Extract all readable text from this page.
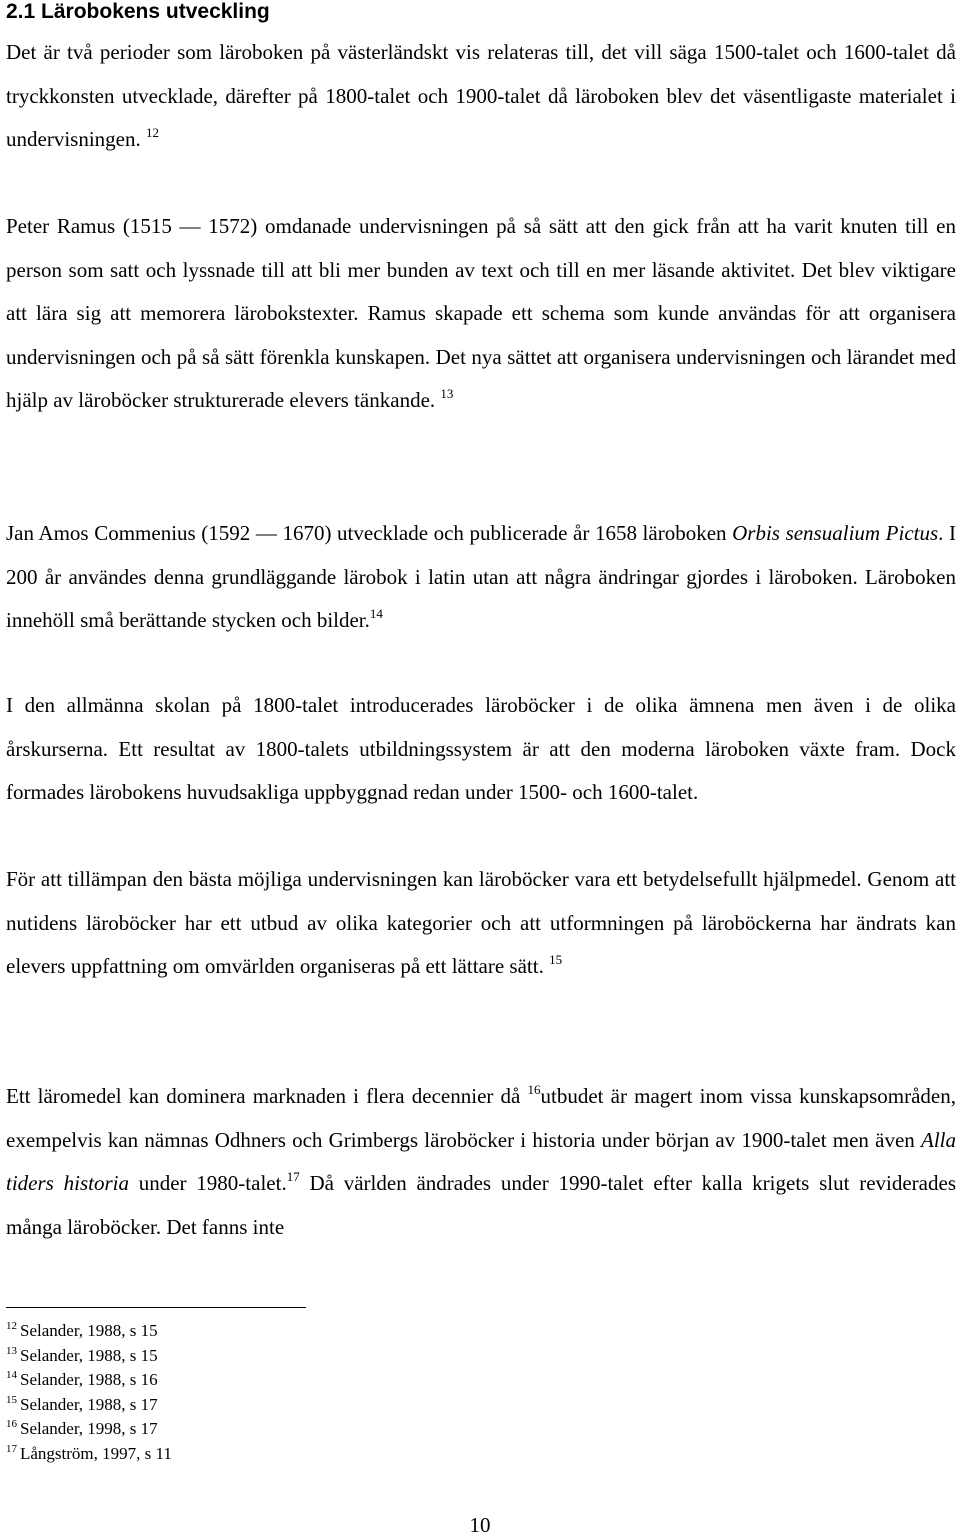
2.1 Lärobokens utveckling

Det är två perioder som läroboken på västerländskt vis relateras till, det vill säga 1500-talet och 1600-talet då tryckkonsten utvecklade, därefter på 1800-talet och 1900-talet då läroboken blev det väsentligaste materialet i undervisningen. $^{12}$

Peter Ramus (1515 — 1572) omdanade undervisningen på så sätt att den gick från att ha varit knuten till en person som satt och lyssnade till att bli mer bunden av text och till en mer läsande aktivitet. Det blev viktigare att lära sig att memorera lärobokstexter. Ramus skapade ett schema som kunde användas för att organisera undervisningen och på så sätt förenkla kunskapen. Det nya sättet att organisera undervisningen och lärandet med hjälp av läroböcker strukturerade elevers tänkande. $^{13}$

Jan Amos Commenius (1592 — 1670) utvecklade och publicerade år 1658 läroboken Orbis sensualium Pictus. I 200 år användes denna grundläggande lärobok i latin utan att några ändringar gjordes i läroboken. Läroboken innehöll små berättande stycken och bilder.$^{14}$

I den allmänna skolan på 1800-talet introducerades läroböcker i de olika ämnena men även i de olika årskurserna. Ett resultat av 1800-talets utbildningssystem är att den moderna läroboken växte fram. Dock formades lärobokens huvudsakliga uppbyggnad redan under 1500- och 1600-talet.

För att tillämpan den bästa möjliga undervisningen kan läroböcker vara ett betydelsefullt hjälpmedel. Genom att nutidens läroböcker har ett utbud av olika kategorier och att utformningen på läroböckerna har ändrats kan elevers uppfattning om omvärlden organiseras på ett lättare sätt. $^{15}$

Ett läromedel kan dominera marknaden i flera decennier då $^{16}$utbudet är magert inom vissa kunskapsområden, exempelvis kan nämnas Odhners och Grimbergs läroböcker i historia under början av 1900-talet men även Alla tiders historia under 1980-talet.$^{17}$ Då världen ändrades under 1990-talet efter kalla krigets slut reviderades många läroböcker. Det fanns inte

$^{12}$ Selander, 1988, s 15
$^{13}$ Selander, 1988, s 15
$^{14}$ Selander, 1988, s 16
$^{15}$ Selander, 1988, s 17
$^{16}$ Selander, 1998, s 17
$^{17}$ Långström, 1997, s 11
10
